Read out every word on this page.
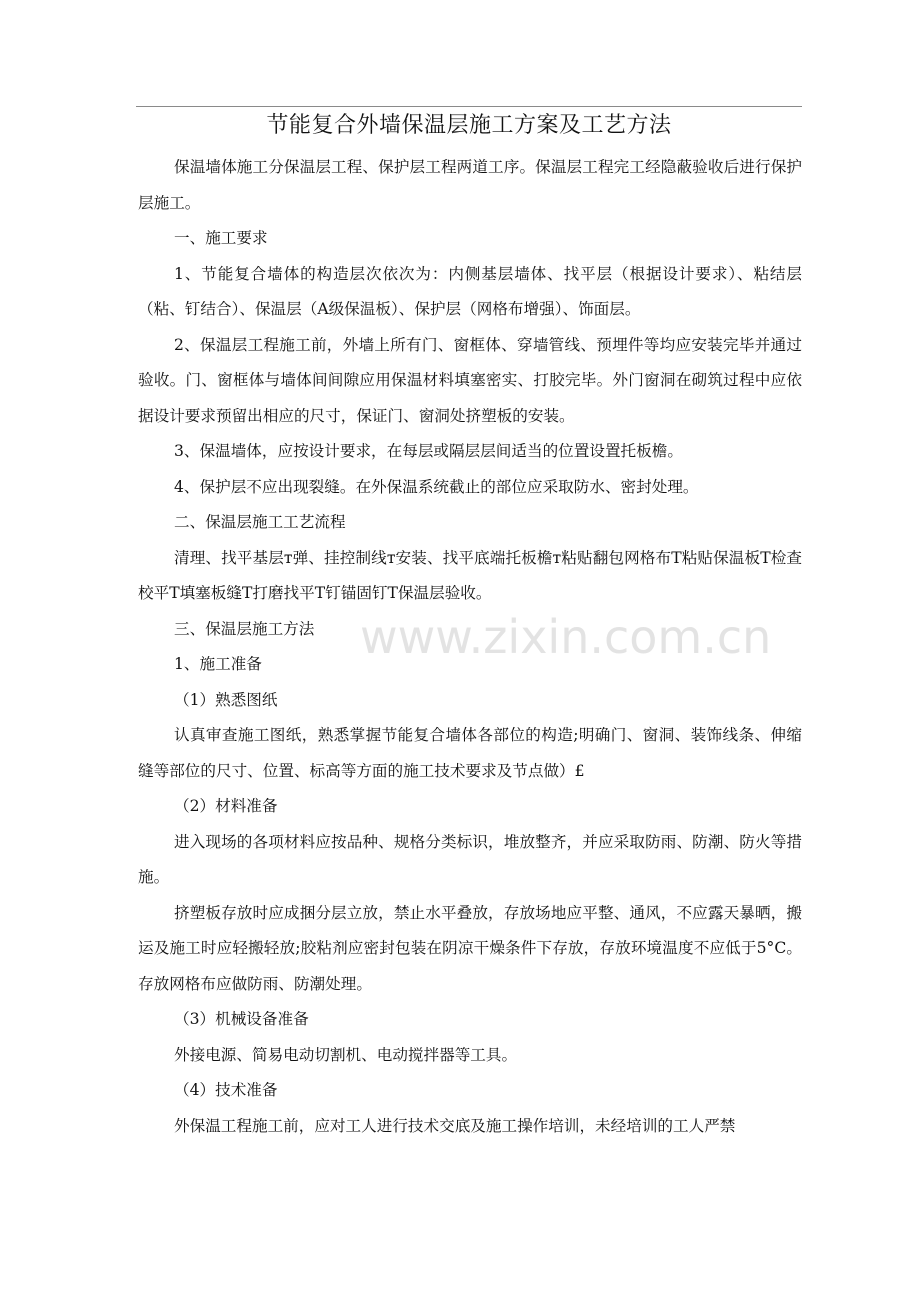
节能复合外墙保温层施工方案及工艺方法
www.zixin.com.cn

保温墙体施工分保温层工程、保护层工程两道工序。保温层工程完工经隐蔽验收后进行保护层施工。

一、施工要求

1、节能复合墙体的构造层次依次为：内侧基层墙体、找平层（根据设计要求）、粘结层（粘、钉结合）、保温层（A级保温板）、保护层（网格布增强）、饰面层。

2、保温层工程施工前，外墙上所有门、窗框体、穿墙管线、预埋件等均应安装完毕并通过验收。门、窗框体与墙体间间隙应用保温材料填塞密实、打胶完毕。外门窗洞在砌筑过程中应依据设计要求预留出相应的尺寸，保证门、窗洞处挤塑板的安装。

3、保温墙体，应按设计要求，在每层或隔层层间适当的位置设置托板檐。

4、保护层不应出现裂缝。在外保温系统截止的部位应采取防水、密封处理。

二、保温层施工工艺流程

清理、找平基层т弹、挂控制线т安装、找平底端托板檐т粘贴翻包网格布T粘贴保温板T检查校平T填塞板缝T打磨找平T钉锚固钉T保温层验收。

三、保温层施工方法

1、施工准备

（1）熟悉图纸

认真审查施工图纸，熟悉掌握节能复合墙体各部位的构造;明确门、窗洞、装饰线条、伸缩缝等部位的尺寸、位置、标高等方面的施工技术要求及节点做）£

（2）材料准备

进入现场的各项材料应按品种、规格分类标识，堆放整齐，并应采取防雨、防潮、防火等措施。

挤塑板存放时应成捆分层立放，禁止水平叠放，存放场地应平整、通风，不应露天暴晒，搬运及施工时应轻搬轻放;胶粘剂应密封包装在阴凉干燥条件下存放，存放环境温度不应低于5°C。存放网格布应做防雨、防潮处理。

（3）机械设备准备

外接电源、简易电动切割机、电动搅拌器等工具。

（4）技术准备

外保温工程施工前，应对工人进行技术交底及施工操作培训，未经培训的工人严禁
